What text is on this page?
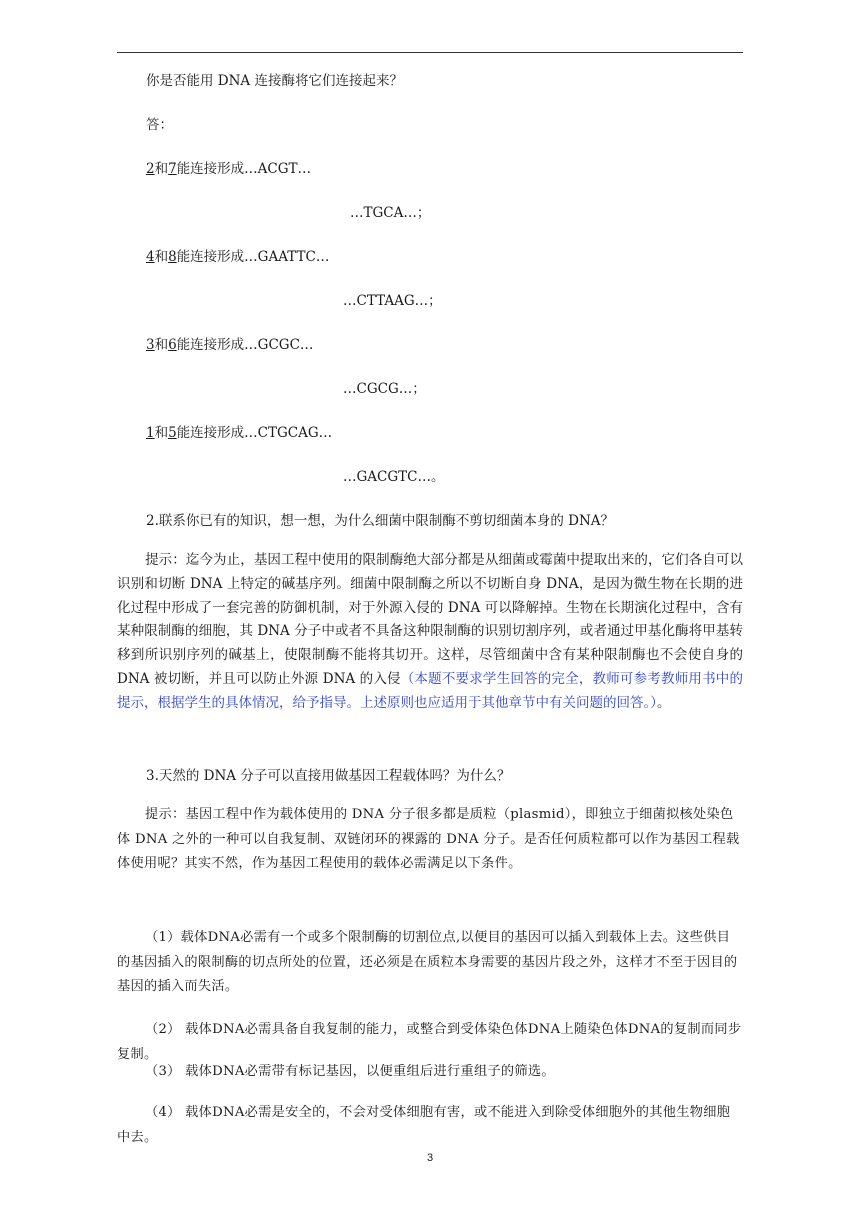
你是否能用 DNA 连接酶将它们连接起来？
答：
2和7能连接形成…ACGT…
…TGCA…；
4和8能连接形成…GAATTC…
…CTTAAG…；
3和6能连接形成…GCGC…
…CGCG…；
1和5能连接形成…CTGCAG…
…GACGTC…。
2.联系你已有的知识，想一想，为什么细菌中限制酶不剪切细菌本身的 DNA？
提示：迄今为止，基因工程中使用的限制酶绝大部分都是从细菌或霉菌中提取出来的，它们各自可以识别和切断 DNA 上特定的碱基序列。细菌中限制酶之所以不切断自身 DNA，是因为微生物在长期的进化过程中形成了一套完善的防御机制，对于外源入侵的 DNA 可以降解掉。生物在长期演化过程中，含有某种限制酶的细胞，其 DNA 分子中或者不具备这种限制酶的识别切割序列，或者通过甲基化酶将甲基转移到所识别序列的碱基上，使限制酶不能将其切开。这样，尽管细菌中含有某种限制酶也不会使自身的 DNA 被切断，并且可以防止外源 DNA 的入侵（本题不要求学生回答的完全，教师可参考教师用书中的提示，根据学生的具体情况，给予指导。上述原则也应适用于其他章节中有关问题的回答。）。
3.天然的 DNA 分子可以直接用做基因工程载体吗？为什么？
提示：基因工程中作为载体使用的 DNA 分子很多都是质粒（plasmid），即独立于细菌拟核处染色体 DNA 之外的一种可以自我复制、双链闭环的裸露的 DNA 分子。是否任何质粒都可以作为基因工程载体使用呢？其实不然，作为基因工程使用的载体必需满足以下条件。
（1）载体DNA必需有一个或多个限制酶的切割位点,以便目的基因可以插入到载体上去。这些供目的基因插入的限制酶的切点所处的位置，还必须是在质粒本身需要的基因片段之外，这样才不至于因目的基因的插入而失活。
（2） 载体DNA必需具备自我复制的能力，或整合到受体染色体DNA上随染色体DNA的复制而同步复制。
（3） 载体DNA必需带有标记基因，以便重组后进行重组子的筛选。
（4） 载体DNA必需是安全的，不会对受体细胞有害，或不能进入到除受体细胞外的其他生物细胞中去。
3
